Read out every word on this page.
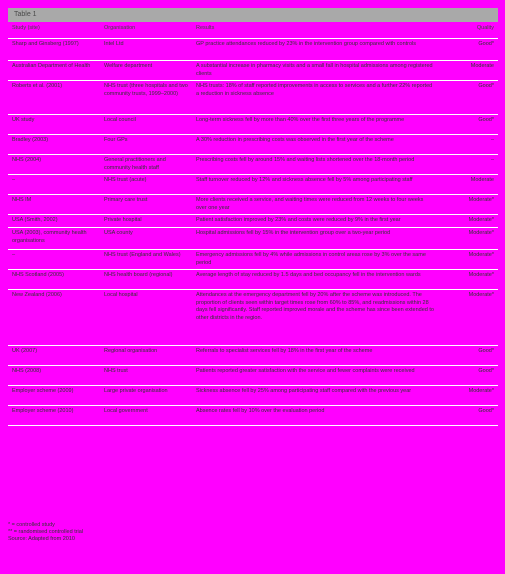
Table 1
Study (site)	Organisation	Results	Quality
Sharp and Ginsberg (1997)	Intel Ltd	GP practice attendances reduced by 23% in the intervention group compared with controls	Good*
Australian Department of Health	Welfare department	A substantial increase in pharmacy visits and a small fall in hospital admissions among registered clients	Moderate
Roberts et al. (2001)	NHS trust (three hospitals and two community trusts, 1999–2000)	NHS trusts: 18% of staff reported improvements in access to services and a further 22% reported a reduction in sickness absence	Good*
UK study	Local council	Long-term sickness fell by more than 40% over the first three years of the programme	Good*
Bradley (2003)	Four GPs	A 30% reduction in prescribing costs was observed in the first year of the scheme	–
NHS (2004)	General practitioners and community health staff	Prescribing costs fell by around 15% and waiting lists shortened over the 18-month period	–
–	NHS trust (acute)	Staff turnover reduced by 12% and sickness absence fell by 5% among participating staff	Moderate
NHS IM	Primary care trust	More clients received a service, and waiting times were reduced from 12 weeks to four weeks over one year	Moderate*
USA (Smith, 2002)	Private hospital	Patient satisfaction improved by 23% and costs were reduced by 9% in the first year	Moderate*
USA (2003), community health organisations	USA county	Hospital admissions fell by 15% in the intervention group over a two-year period	Moderate*
–	NHS trust (England and Wales)	Emergency admissions fell by 4% while admissions in control areas rose by 3% over the same period	Moderate*
NHS Scotland (2005)	NHS health board (regional)	Average length of stay reduced by 1.5 days and bed occupancy fell in the intervention wards	Moderate*
New Zealand (2006)	Local hospital	Attendances at the emergency department fell by 20% after the scheme was introduced. The proportion of clients seen within target times rose from 60% to 85%, and readmissions within 28 days fell significantly. Staff reported improved morale and the scheme has since been extended to other districts in the region.	Moderate*
UK (2007)	Regional organisation	Referrals to specialist services fell by 18% in the first year of the scheme	Good*
NHS (2008)	NHS trust	Patients reported greater satisfaction with the service and fewer complaints were received	Good*
Employer scheme (2009)	Large private organisation	Sickness absence fell by 25% among participating staff compared with the previous year	Moderate*
Employer scheme (2010)	Local government	Absence rates fell by 10% over the evaluation period	Good*
* = controlled study
** = randomised controlled trial
Source: Adapted from 2010
